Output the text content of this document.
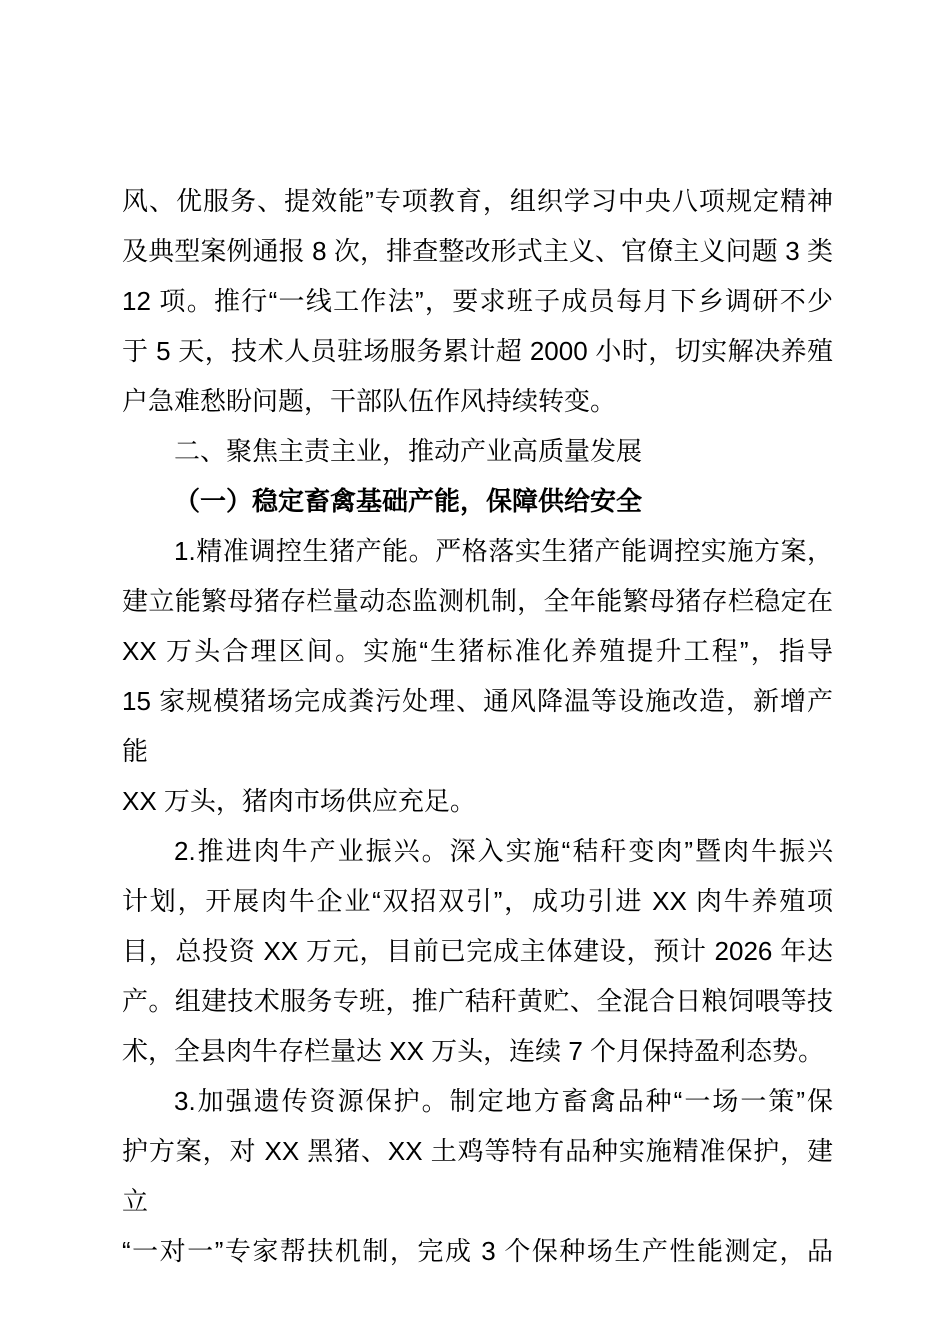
风、优服务、提效能”专项教育，组织学习中央八项规定精神
及典型案例通报 8 次，排查整改形式主义、官僚主义问题 3 类
12 项。推行“一线工作法”，要求班子成员每月下乡调研不少
于 5 天，技术人员驻场服务累计超 2000 小时，切实解决养殖
户急难愁盼问题，干部队伍作风持续转变。
二、聚焦主责主业，推动产业高质量发展
（一）稳定畜禽基础产能，保障供给安全
1.精准调控生猪产能。严格落实生猪产能调控实施方案，
建立能繁母猪存栏量动态监测机制，全年能繁母猪存栏稳定在
XX 万头合理区间。实施“生猪标准化养殖提升工程”，指导
15 家规模猪场完成粪污处理、通风降温等设施改造，新增产能
XX 万头，猪肉市场供应充足。
2.推进肉牛产业振兴。深入实施“秸秆变肉”暨肉牛振兴
计划，开展肉牛企业“双招双引”，成功引进 XX 肉牛养殖项
目，总投资 XX 万元，目前已完成主体建设，预计 2026 年达
产。组建技术服务专班，推广秸秆黄贮、全混合日粮饲喂等技
术，全县肉牛存栏量达 XX 万头，连续 7 个月保持盈利态势。
3.加强遗传资源保护。制定地方畜禽品种“一场一策”保
护方案，对 XX 黑猪、XX 土鸡等特有品种实施精准保护，建立
“一对一”专家帮扶机制，完成 3 个保种场生产性能测定，品
